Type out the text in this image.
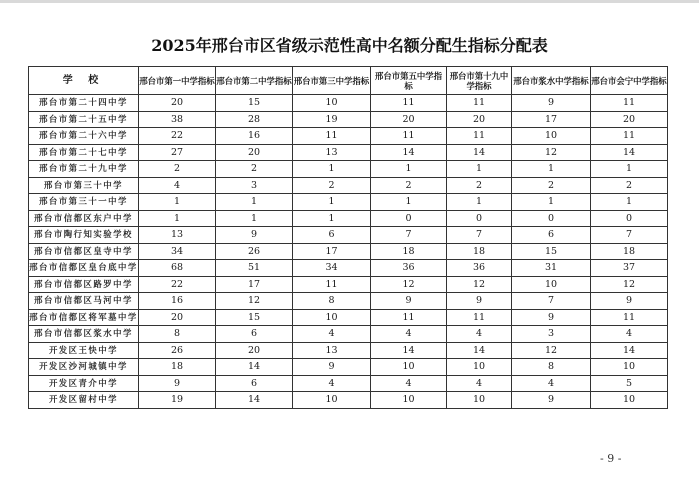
2025年邢台市区省级示范性高中名额分配生指标分配表
学 校	邢台市第一中学指标	邢台市第二中学指标	邢台市第三中学指标	邢台市第五中学指标	邢台市第十九中学指标	邢台市浆水中学指标	邢台市会宁中学指标
邢台市第二十四中学	20	15	10	11	11	9	11
邢台市第二十五中学	38	28	19	20	20	17	20
邢台市第二十六中学	22	16	11	11	11	10	11
邢台市第二十七中学	27	20	13	14	14	12	14
邢台市第二十九中学	2	2	1	1	1	1	1
邢台市第三十中学	4	3	2	2	2	2	2
邢台市第三十一中学	1	1	1	1	1	1	1
邢台市信都区东户中学	1	1	1	0	0	0	0
邢台市陶行知实验学校	13	9	6	7	7	6	7
邢台市信都区皇寺中学	34	26	17	18	18	15	18
邢台市信都区皇台底中学	68	51	34	36	36	31	37
邢台市信都区路罗中学	22	17	11	12	12	10	12
邢台市信都区马河中学	16	12	8	9	9	7	9
邢台市信都区将军墓中学	20	15	10	11	11	9	11
邢台市信都区浆水中学	8	6	4	4	4	3	4
开发区王快中学	26	20	13	14	14	12	14
开发区沙河城镇中学	18	14	9	10	10	8	10
开发区青介中学	9	6	4	4	4	4	5
开发区留村中学	19	14	10	10	10	9	10
- 9 -
